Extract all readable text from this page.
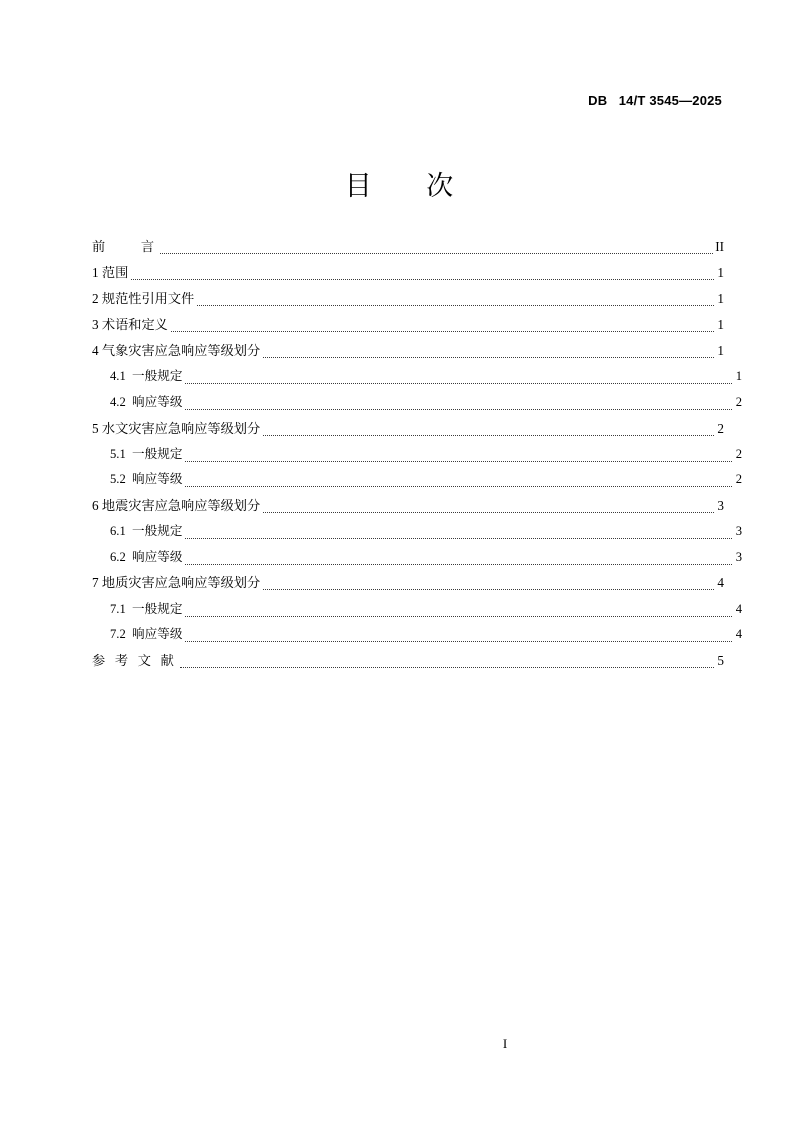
DB   14/T 3545—2025
目      次
前     言	II
1 范围	1
2 规范性引用文件	1
3 术语和定义	1
4 气象灾害应急响应等级划分	1
4.1  一般规定	1
4.2  响应等级	2
5 水文灾害应急响应等级划分	2
5.1  一般规定	2
5.2  响应等级	2
6 地震灾害应急响应等级划分	3
6.1  一般规定	3
6.2  响应等级	3
7 地质灾害应急响应等级划分	4
7.1  一般规定	4
7.2  响应等级	4
参 考 文 献	5
I
